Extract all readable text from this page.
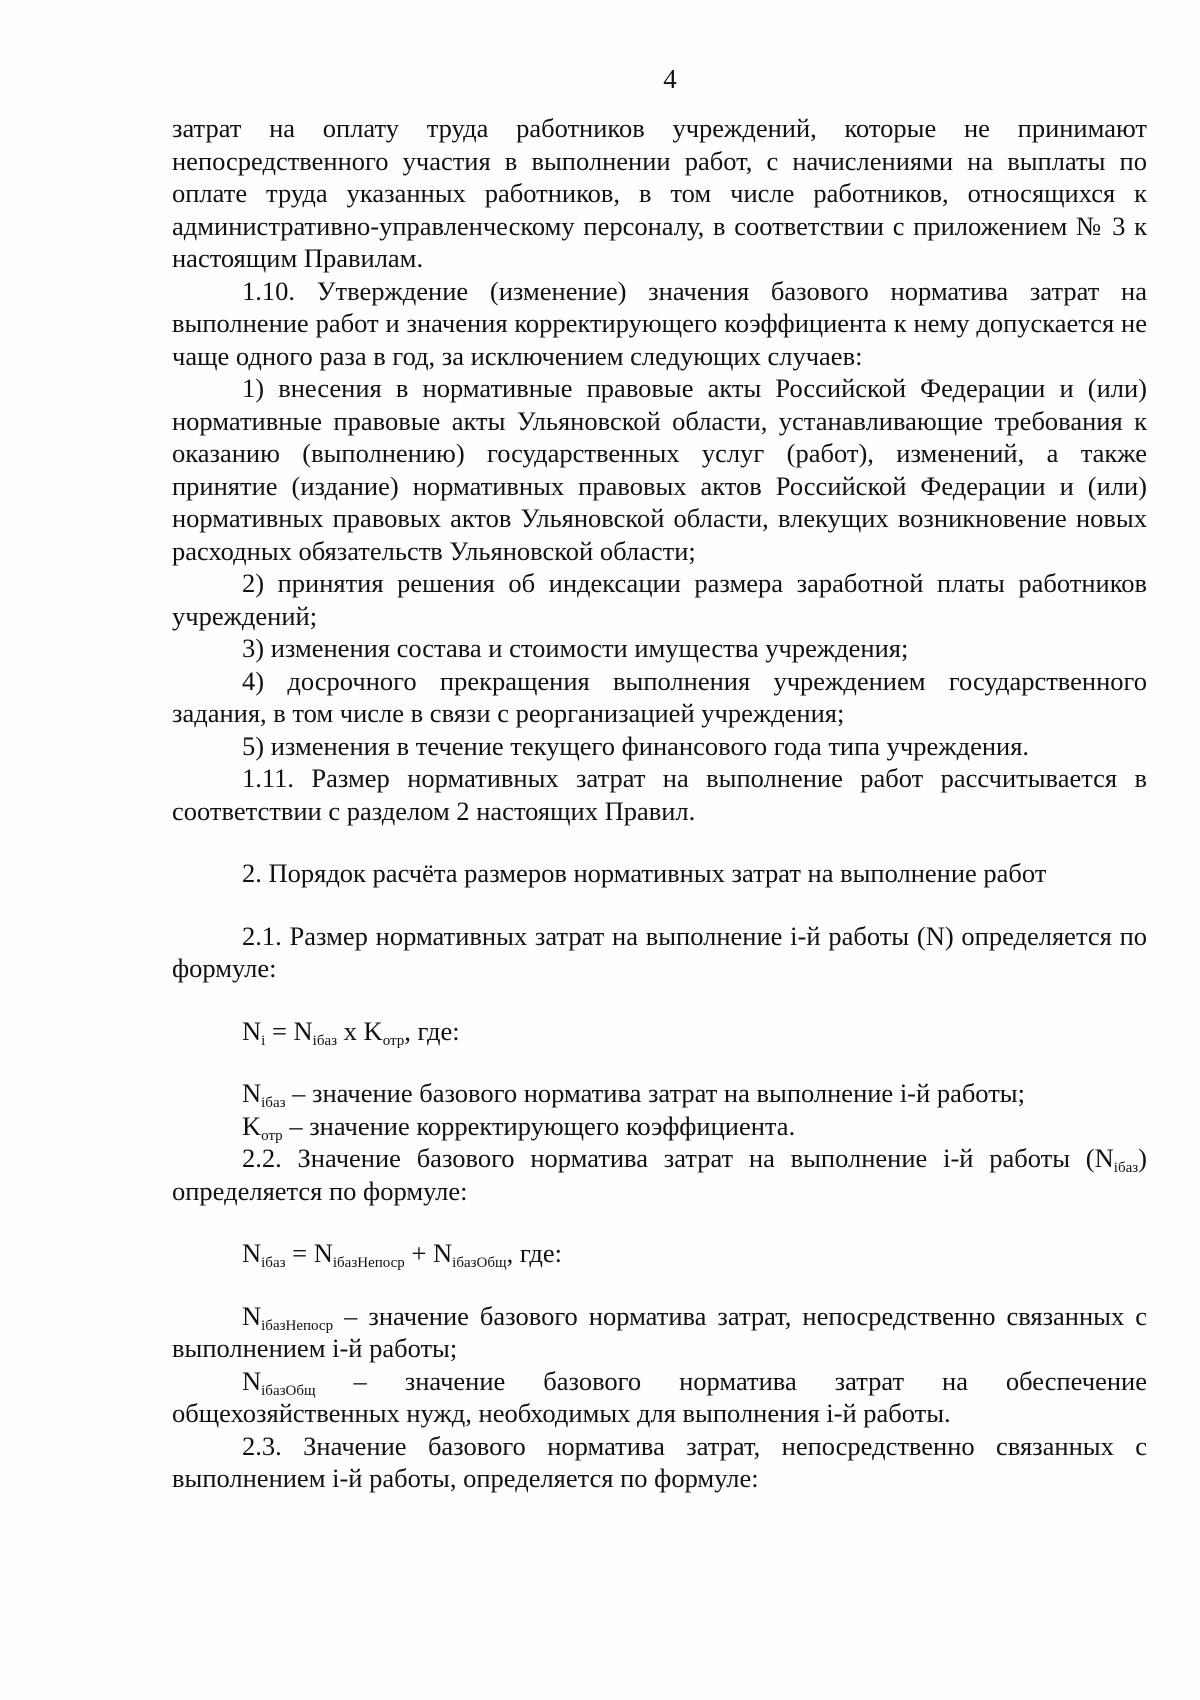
4

затрат на оплату труда работников учреждений, которые не принимают непосредственного участия в выполнении работ, с начислениями на выплаты по оплате труда указанных работников, в том числе работников, относящихся к административно-управленческому персоналу, в соответствии с приложением № 3 к настоящим Правилам.

1.10. Утверждение (изменение) значения базового норматива затрат на выполнение работ и значения корректирующего коэффициента к нему допускается не чаще одного раза в год, за исключением следующих случаев:

1) внесения в нормативные правовые акты Российской Федерации и (или) нормативные правовые акты Ульяновской области, устанавливающие требования к оказанию (выполнению) государственных услуг (работ), изменений, а также принятие (издание) нормативных правовых актов Российской Федерации и (или) нормативных правовых актов Ульяновской области, влекущих возникновение новых расходных обязательств Ульяновской области;

2) принятия решения об индексации размера заработной платы работников учреждений;

3) изменения состава и стоимости имущества учреждения;

4) досрочного прекращения выполнения учреждением государственного задания, в том числе в связи с реорганизацией учреждения;

5) изменения в течение текущего финансового года типа учреждения.

1.11. Размер нормативных затрат на выполнение работ рассчитывается в соответствии с разделом 2 настоящих Правил.

2. Порядок расчёта размеров нормативных затрат на выполнение работ

2.1. Размер нормативных затрат на выполнение i-й работы (N) определяется по формуле:

$N_i = N_{iбаз}$ х $K_{отр}$, где:

$N_{iбаз}$ – значение базового норматива затрат на выполнение i-й работы;

$K_{отр}$ – значение корректирующего коэффициента.

2.2. Значение базового норматива затрат на выполнение i-й работы $(N_{iбаз})$ определяется по формуле:

$N_{iбаз} = N_{iбазНепоср} + N_{iбазОбщ}$, где:

$N_{iбазНепоср}$ – значение базового норматива затрат, непосредственно связанных с выполнением i-й работы;

$N_{iбазОбщ}$ – значение базового норматива затрат на обеспечение общехозяйственных нужд, необходимых для выполнения i-й работы.

2.3. Значение базового норматива затрат, непосредственно связанных с выполнением i-й работы, определяется по формуле:
